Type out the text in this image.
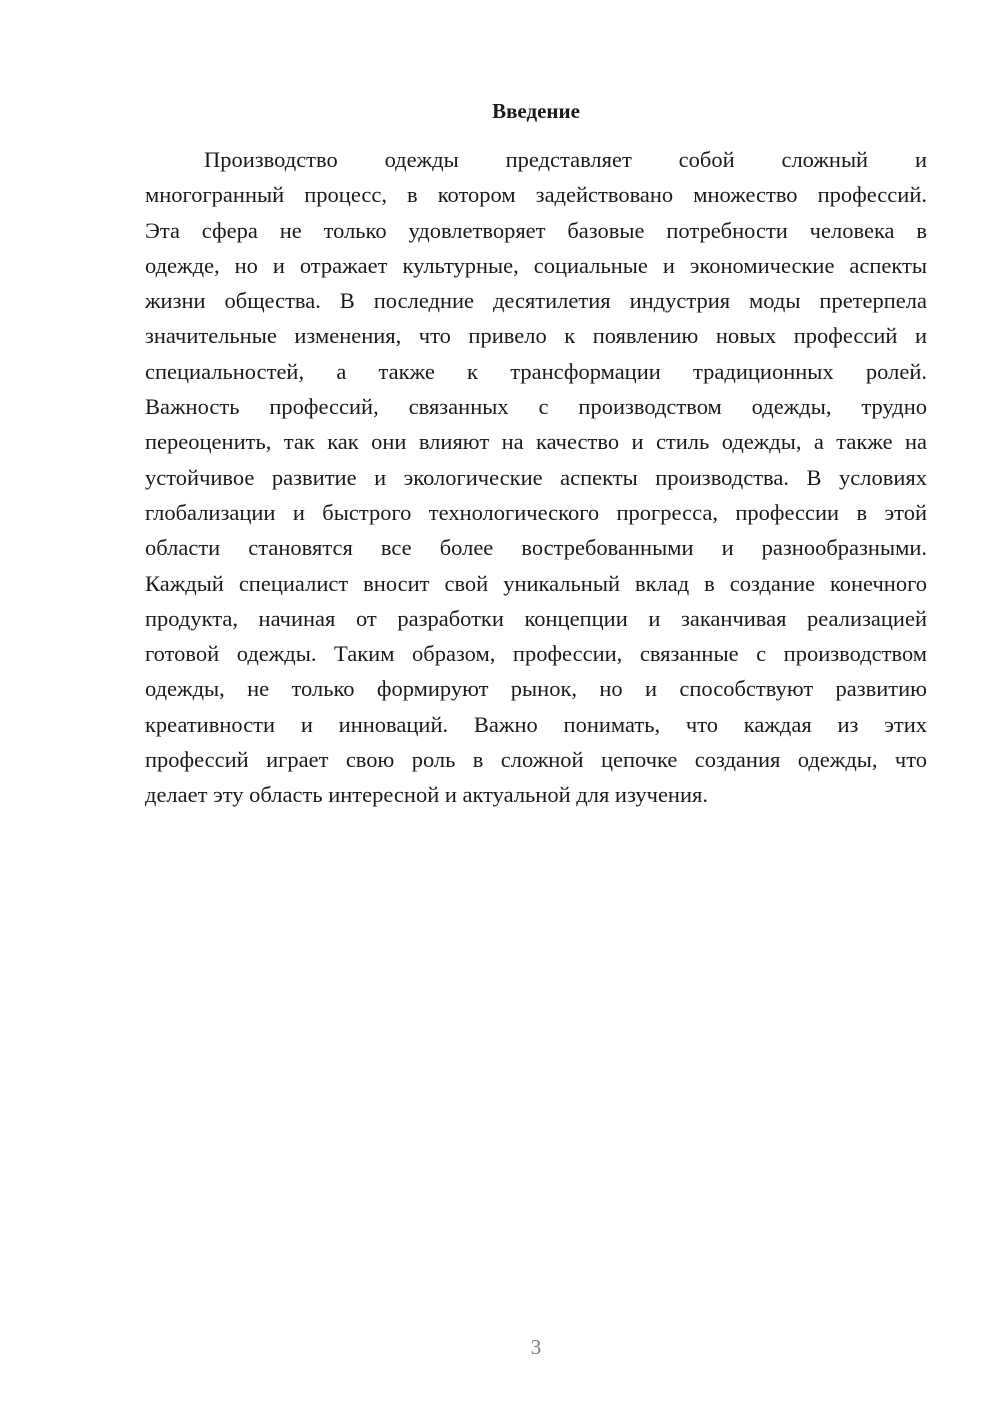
Введение
Производство одежды представляет собой сложный и
многогранный процесс, в котором задействовано множество профессий.
Эта сфера не только удовлетворяет базовые потребности человека в
одежде, но и отражает культурные, социальные и экономические аспекты
жизни общества. В последние десятилетия индустрия моды претерпела
значительные изменения, что привело к появлению новых профессий и
специальностей, а также к трансформации традиционных ролей.
Важность профессий, связанных с производством одежды, трудно
переоценить, так как они влияют на качество и стиль одежды, а также на
устойчивое развитие и экологические аспекты производства. В условиях
глобализации и быстрого технологического прогресса, профессии в этой
области становятся все более востребованными и разнообразными.
Каждый специалист вносит свой уникальный вклад в создание конечного
продукта, начиная от разработки концепции и заканчивая реализацией
готовой одежды. Таким образом, профессии, связанные с производством
одежды, не только формируют рынок, но и способствуют развитию
креативности и инноваций. Важно понимать, что каждая из этих
профессий играет свою роль в сложной цепочке создания одежды, что
делает эту область интересной и актуальной для изучения.
3
